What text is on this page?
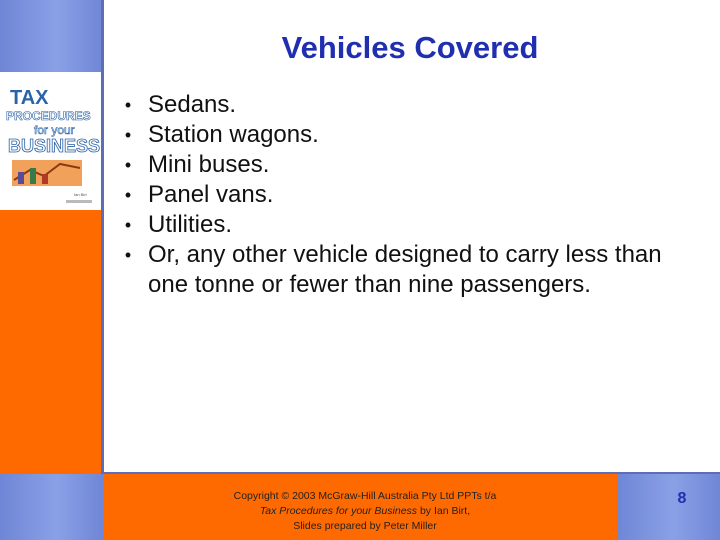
TAX
PROCEDURES
for your
BUSINESS
Ian Birt
Vehicles Covered
• Sedans.
• Station wagons.
• Mini buses.
• Panel vans.
• Utilities.
• Or, any other vehicle designed to carry less than one tonne or fewer than nine passengers.
Copyright © 2003 McGraw-Hill Australia Pty Ltd PPTs t/a
Tax Procedures for your Business by Ian Birt,
Slides prepared by Peter Miller
8
